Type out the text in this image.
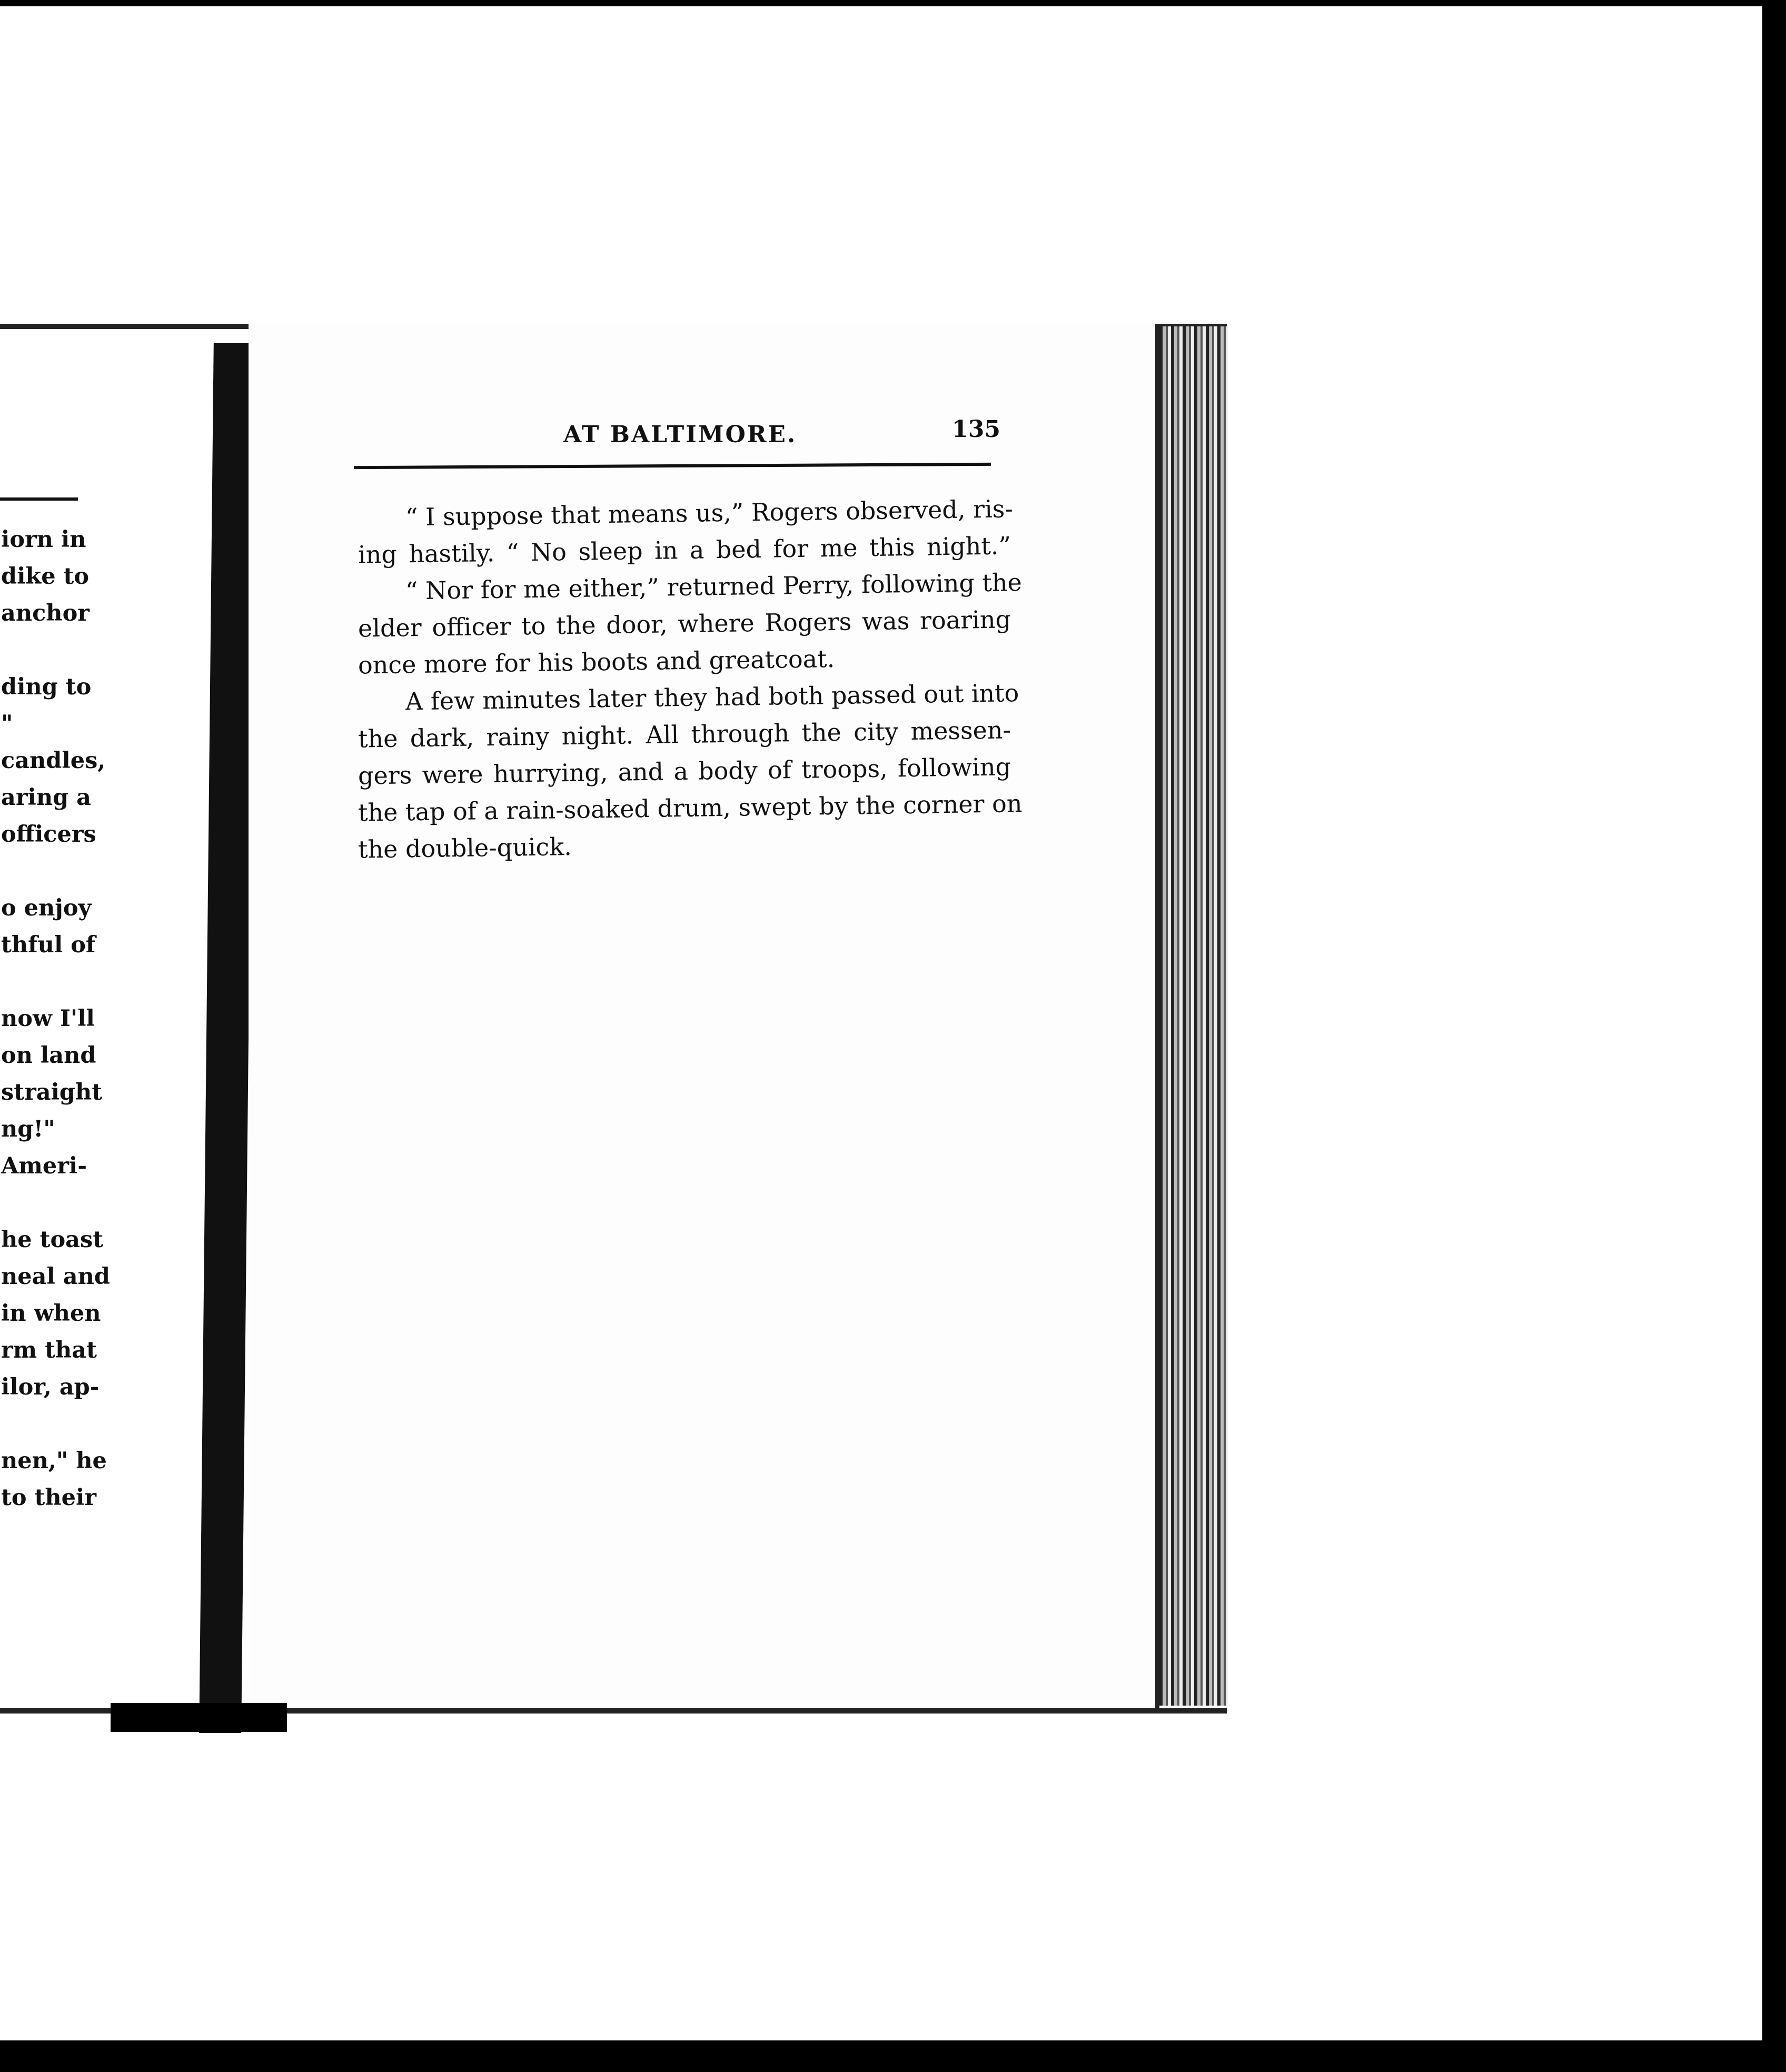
iorn in
dike to
anchor
ding to
"
candles,
aring a
officers
o enjoy
thful of
now I'll
on land
straight
ng!"
Ameri-
he toast
neal and
in when
rm that
ilor, ap-
nen," he
to their
AT BALTIMORE.	135
“ I suppose that means us,” Rogers observed, ris-
ing hastily. “ No sleep in a bed for me this night.”
“ Nor for me either,” returned Perry, following the
elder officer to the door, where Rogers was roaring
once more for his boots and greatcoat.
A few minutes later they had both passed out into
the dark, rainy night. All through the city messen-
gers were hurrying, and a body of troops, following
the tap of a rain-soaked drum, swept by the corner on
the double-quick.
